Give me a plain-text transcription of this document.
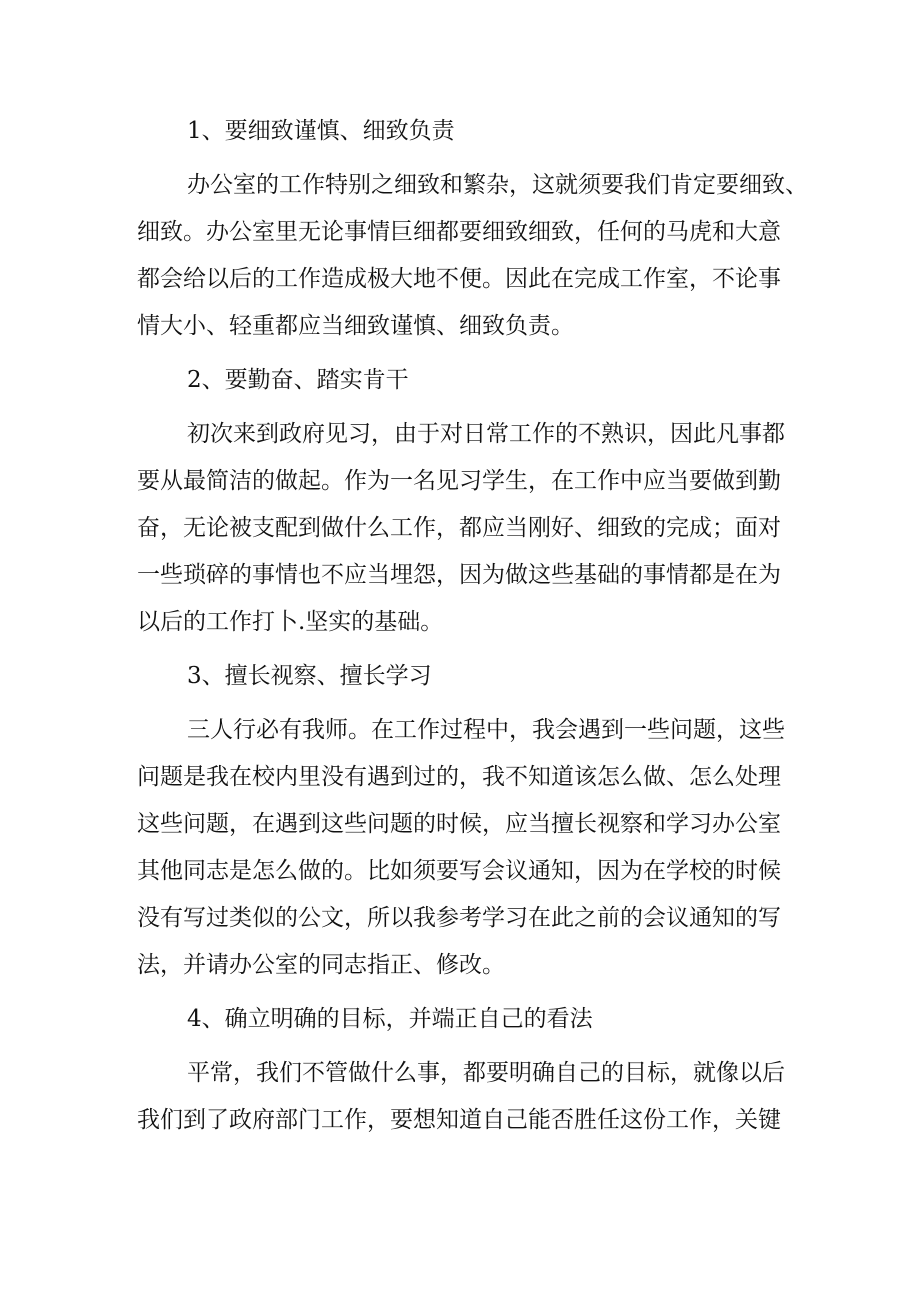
1、要细致谨慎、细致负责

办公室的工作特别之细致和繁杂，这就须要我们肯定要细致、
细致。办公室里无论事情巨细都要细致细致，任何的马虎和大意
都会给以后的工作造成极大地不便。因此在完成工作室，不论事
情大小、轻重都应当细致谨慎、细致负责。

2、要勤奋、踏实肯干

初次来到政府见习，由于对日常工作的不熟识，因此凡事都
要从最简洁的做起。作为一名见习学生，在工作中应当要做到勤
奋，无论被支配到做什么工作，都应当刚好、细致的完成；面对
一些琐碎的事情也不应当埋怨，因为做这些基础的事情都是在为
以后的工作打卜.坚实的基础。

3、擅长视察、擅长学习

三人行必有我师。在工作过程中，我会遇到一些问题，这些
问题是我在校内里没有遇到过的，我不知道该怎么做、怎么处理
这些问题，在遇到这些问题的时候，应当擅长视察和学习办公室
其他同志是怎么做的。比如须要写会议通知，因为在学校的时候
没有写过类似的公文，所以我参考学习在此之前的会议通知的写
法，并请办公室的同志指正、修改。

4、确立明确的目标，并端正自己的看法

平常，我们不管做什么事，都要明确自己的目标，就像以后
我们到了政府部门工作，要想知道自己能否胜任这份工作，关键
